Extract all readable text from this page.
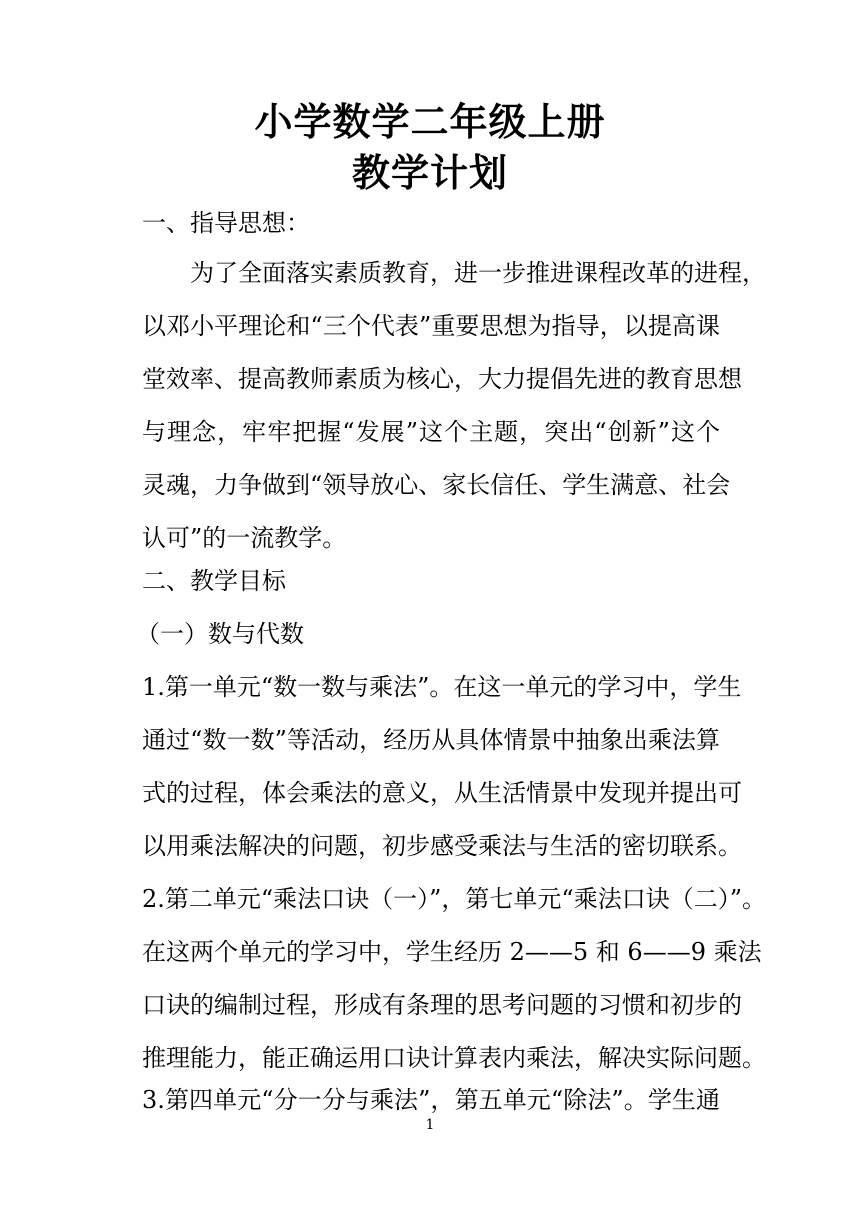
小学数学二年级上册
教学计划
一、指导思想：
为了全面落实素质教育，进一步推进课程改革的进程，
以邓小平理论和“三个代表”重要思想为指导，以提高课
堂效率、提高教师素质为核心，大力提倡先进的教育思想
与理念，牢牢把握“发展”这个主题，突出“创新”这个
灵魂，力争做到“领导放心、家长信任、学生满意、社会
认可”的一流教学。
二、教学目标
（一）数与代数
1.第一单元“数一数与乘法”。在这一单元的学习中，学生
通过“数一数”等活动，经历从具体情景中抽象出乘法算
式的过程，体会乘法的意义，从生活情景中发现并提出可
以用乘法解决的问题，初步感受乘法与生活的密切联系。
2.第二单元“乘法口诀（一）”，第七单元“乘法口诀（二）”。
在这两个单元的学习中，学生经历 2——5 和 6——9 乘法
口诀的编制过程，形成有条理的思考问题的习惯和初步的
推理能力，能正确运用口诀计算表内乘法，解决实际问题。
3.第四单元“分一分与乘法”，第五单元“除法”。学生通
1
